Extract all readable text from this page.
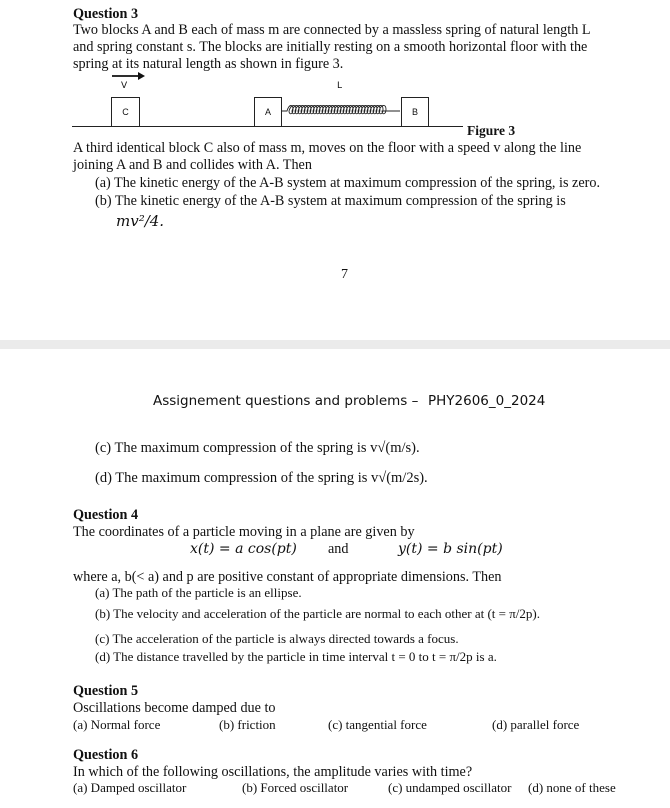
Question 3
Two blocks A and B each of mass m are connected by a massless spring of natural length L
and spring constant s. The blocks are initially resting on a smooth horizontal floor with the
spring at its natural length as shown in figure 3.
V	L
C	A	B
Figure 3
A third identical block C also of mass m, moves on the floor with a speed v along the line
joining A and B and collides with A. Then
(a) The kinetic energy of the A-B system at maximum compression of the spring, is zero.
(b) The kinetic energy of the A-B system at maximum compression of the spring is
mv²/4.
7
Assignement questions and problems – PHY2606_0_2024
(c) The maximum compression of the spring is v√(m/s).
(d) The maximum compression of the spring is v√(m/2s).
Question 4
The coordinates of a particle moving in a plane are given by
x(t) = a cos(pt) and	y(t) = b sin(pt)
where a, b(< a) and p are positive constant of appropriate dimensions. Then
(a) The path of the particle is an ellipse.
(b) The velocity and acceleration of the particle are normal to each other at (t = π/2p).
(c) The acceleration of the particle is always directed towards a focus.
(d) The distance travelled by the particle in time interval t = 0 to t = π/2p is a.
Question 5
Oscillations become damped due to
(a) Normal force	(b) friction	(c) tangential force	(d) parallel force
Question 6
In which of the following oscillations, the amplitude varies with time?
(a) Damped oscillator	(b) Forced oscillator	(c) undamped oscillator (d) none of these
